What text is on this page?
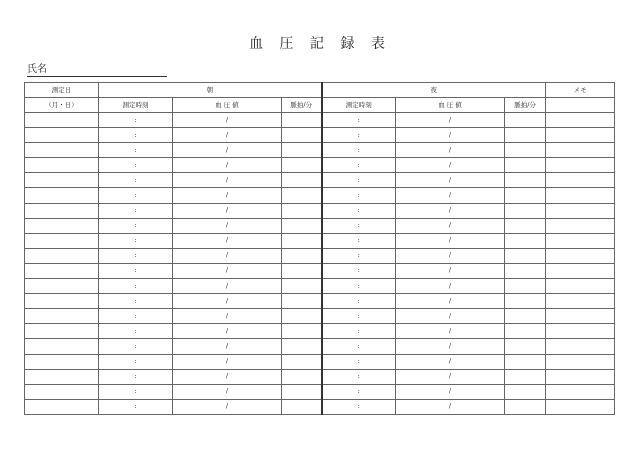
血 圧 記 録 表
氏名
測定日	朝			夜			メモ
（月・日）	測定時刻	血 圧 値	脈拍/分	測定時刻	血 圧 値	脈拍/分	
	:	/		:	/		
	:	/		:	/		
	:	/		:	/		
	:	/		:	/		
	:	/		:	/		
	:	/		:	/		
	:	/		:	/		
	:	/		:	/		
	:	/		:	/		
	:	/		:	/		
	:	/		:	/		
	:	/		:	/		
	:	/		:	/		
	:	/		:	/		
	:	/		:	/		
	:	/		:	/		
	:	/		:	/		
	:	/		:	/		
	:	/		:	/		
	:	/		:	/		
